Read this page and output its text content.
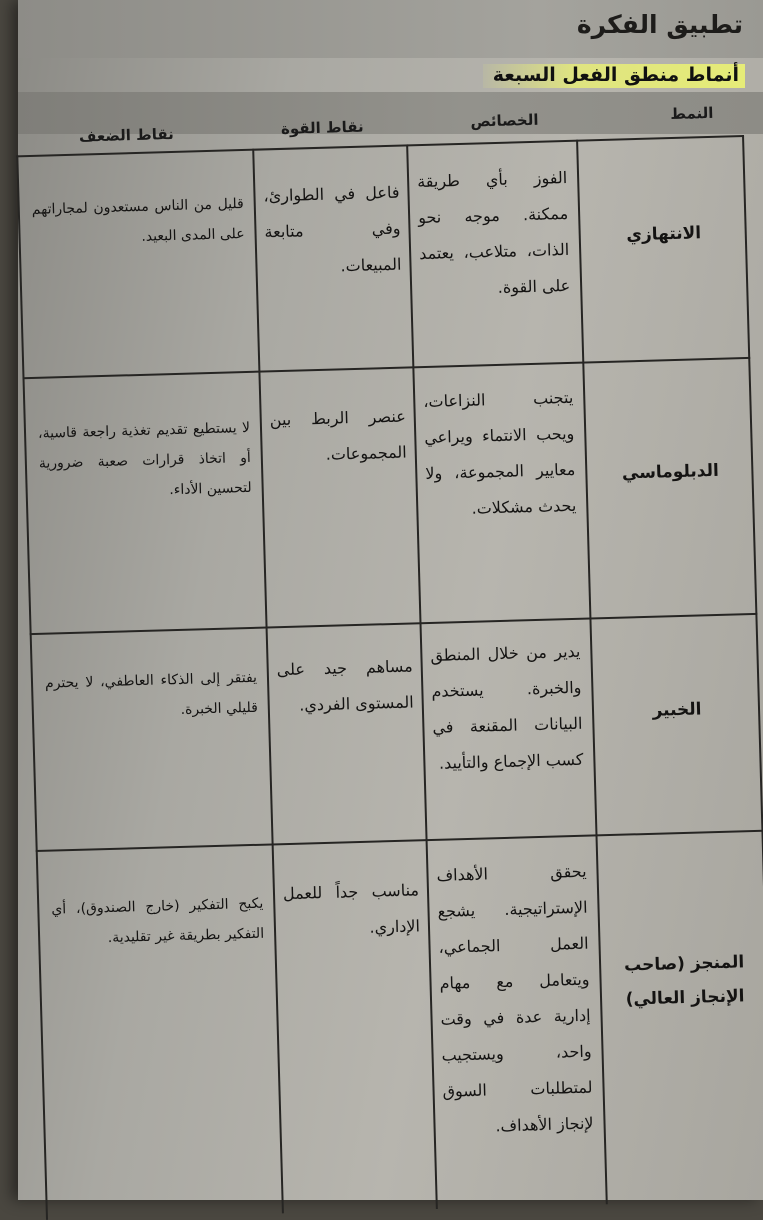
تطبيق الفكرة
أنماط منطق الفعل السبعة
النمط
الخصائص
نقاط القوة
نقاط الضعف
الانتهازي
الفوز بأي طريقة ممكنة. موجه نحو الذات، متلاعب، يعتمد على القوة.
فاعل في الطوارئ، وفي متابعة المبيعات.
قليل من الناس مستعدون لمجاراتهم على المدى البعيد.
الدبلوماسي
يتجنب النزاعات، ويحب الانتماء ويراعي معايير المجموعة، ولا يحدث مشكلات.
عنصر الربط بين المجموعات.
لا يستطيع تقديم تغذية راجعة قاسية، أو اتخاذ قرارات صعبة ضرورية لتحسين الأداء.
الخبير
يدير من خلال المنطق والخبرة. يستخدم البيانات المقنعة في كسب الإجماع والتأييد.
مساهم جيد على المستوى الفردي.
يفتقر إلى الذكاء العاطفي، لا يحترم قليلي الخبرة.
المنجز (صاحب الإنجاز العالي)
يحقق الأهداف الإستراتيجية. يشجع العمل الجماعي، ويتعامل مع مهام إدارية عدة في وقت واحد، ويستجيب لمتطلبات السوق لإنجاز الأهداف.
مناسب جداً للعمل الإداري.
يكبح التفكير (خارج الصندوق)، أي التفكير بطريقة غير تقليدية.
